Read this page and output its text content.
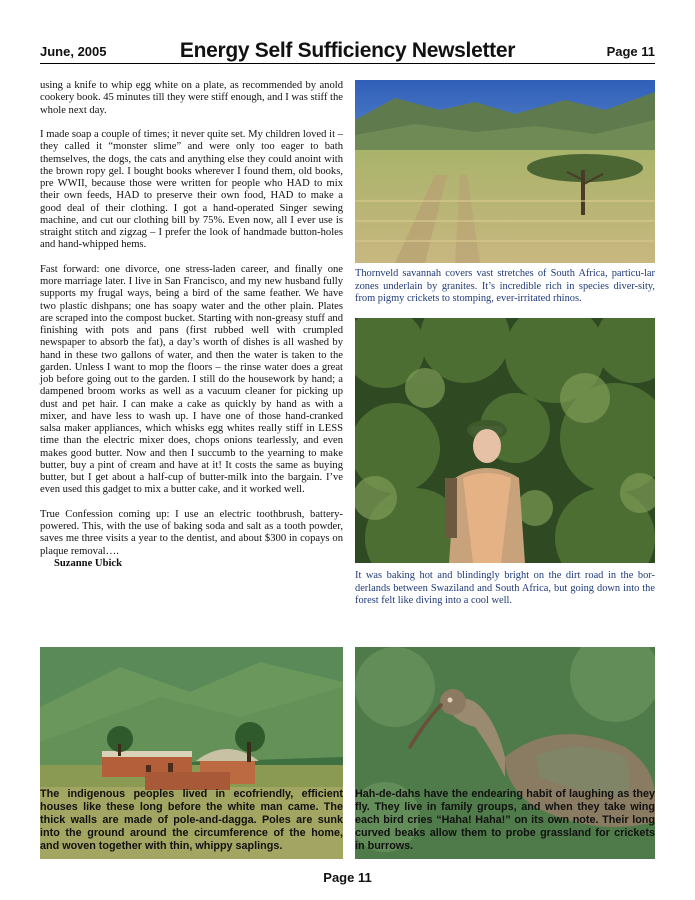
June, 2005	Energy Self Sufficiency Newsletter	Page 11

using a knife to whip egg white on a plate, as recommended by anold cookery book. 45 minutes till they were stiff enough, and I was stiff the whole next day.

I made soap a couple of times; it never quite set. My children loved it – they called it “monster slime” and were only too eager to bath themselves, the dogs, the cats and anything else they could anoint with the brown ropy gel. I bought books wherever I found them, old books, pre WWII, because those were written for people who HAD to mix their own feeds, HAD to preserve their own food, HAD to make a good deal of their clothing. I got a hand-operated Singer sewing machine, and cut our clothing bill by 75%. Even now, all I ever use is straight stitch and zigzag – I prefer the look of handmade button-holes and hand-whipped hems.

Fast forward: one divorce, one stress-laden career, and finally one more marriage later. I live in San Francisco, and my new husband fully supports my frugal ways, being a bird of the same feather. We have two plastic dishpans; one has soapy water and the other plain. Plates are scraped into the compost bucket. Starting with non-greasy stuff and finishing with pots and pans (first rubbed well with crumpled newspaper to absorb the fat), a day’s worth of dishes is all washed by hand in these two gallons of water, and then the water is taken to the garden. Unless I want to mop the floors – the rinse water does a great job before going out to the garden. I still do the housework by hand; a dampened broom works as well as a vacuum cleaner for picking up dust and pet hair. I can make a cake as quickly by hand as with a mixer, and have less to wash up. I have one of those hand-cranked salsa maker appliances, which whisks egg whites really stiff in LESS time than the electric mixer does, chops onions tearlessly, and even makes good butter. Now and then I succumb to the yearning to make butter, buy a pint of cream and have at it! It costs the same as buying butter, but I get about a half-cup of butter-milk into the bargain. I’ve even used this gadget to mix a butter cake, and it worked well.

True Confession coming up: I use an electric toothbrush, battery-powered. This, with the use of baking soda and salt as a tooth powder, saves me three visits a year to the dentist, and about $300 in copays on plaque removal….

Suzanne Ubick
Thornveld savannah covers vast stretches of South Africa, particu-lar zones underlain by granites. It’s incredible rich in species diver-sity, from pigmy crickets to stomping, ever-irritated rhinos.
It was baking hot and blindingly bright on the dirt road in the bor-derlands between Swaziland and South Africa, but going down into the forest felt like diving into a cool well.
The indigenous peoples lived in ecofriendly, efficient houses like these long before the white man came. The thick walls are made of pole-and-dagga. Poles are sunk into the ground around the circumference of the home, and woven together with thin, whippy saplings.
Hah-de-dahs have the endearing habit of laughing as they fly. They live in family groups, and when they take wing each bird cries “Haha! Haha!” on its own note. Their long curved beaks allow them to probe grassland for crickets in burrows.
Page 11
